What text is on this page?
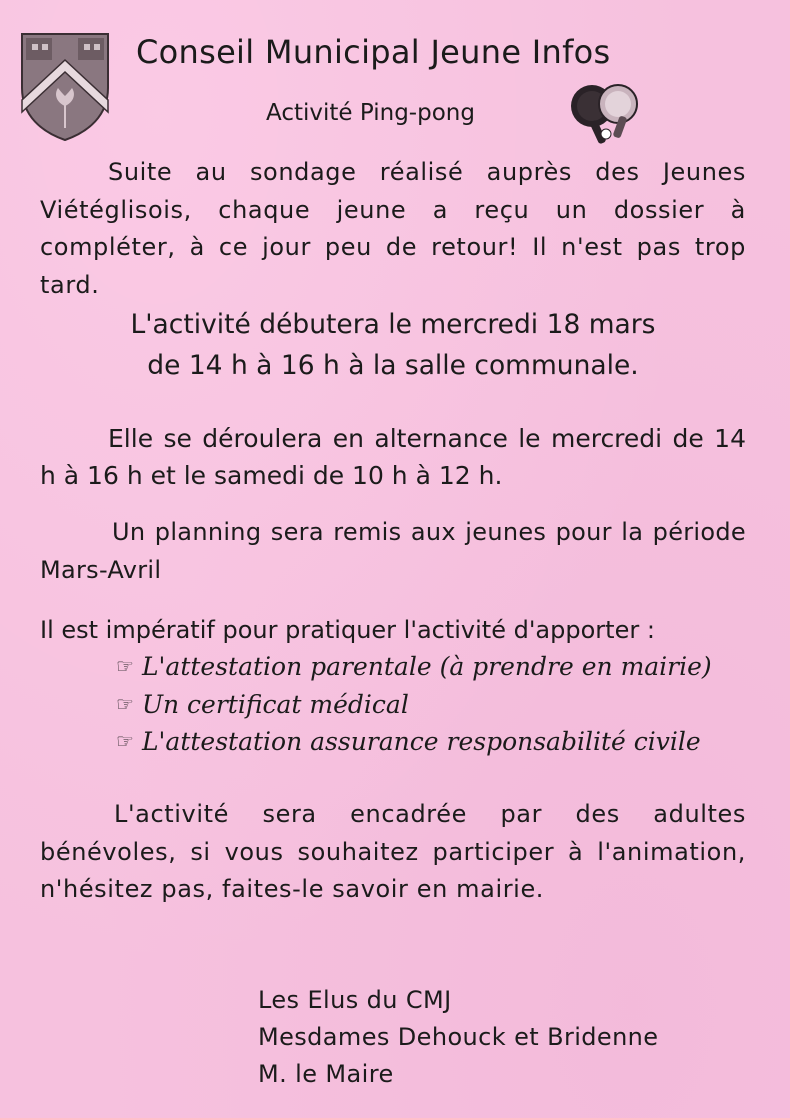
Conseil Municipal Jeune Infos
Activité Ping-pong

Suite au sondage réalisé auprès des Jeunes Viétéglisois, chaque jeune a reçu un dossier à compléter, à ce jour peu de retour! Il n'est pas trop tard.

L'activité débutera le mercredi 18 mars
de 14 h à 16 h à la salle communale.

Elle se déroulera en alternance le mercredi de 14 h à 16 h et le samedi de 10 h à 12 h.

Un planning sera remis aux jeunes pour la période Mars-Avril

Il est impératif pour pratiquer l'activité d'apporter :

☞ L'attestation parentale (à prendre en mairie)
☞ Un certificat médical
☞ L'attestation assurance responsabilité civile

L'activité sera encadrée par des adultes bénévoles, si vous souhaitez participer à l'animation, n'hésitez pas, faites-le savoir en mairie.

Les Elus du CMJ
Mesdames Dehouck et Bridenne
M. le Maire
